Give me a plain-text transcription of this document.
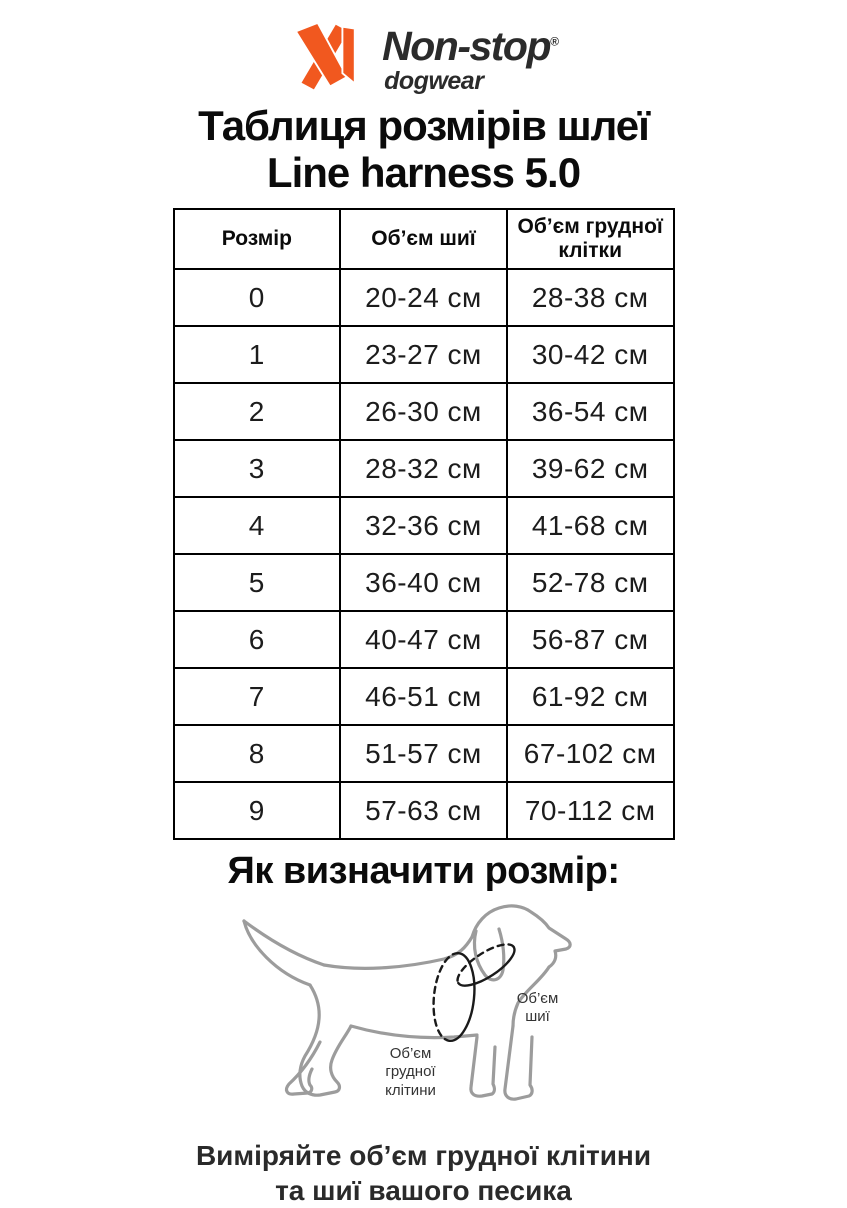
Non-stop®
dogwear
Таблиця розмірів шлеї
Line harness 5.0
Розмір	Об’єм шиї	Об’єм грудної клітки
0	20-24 см	28-38 см
1	23-27 см	30-42 см
2	26-30 см	36-54 см
3	28-32 см	39-62 см
4	32-36 см	41-68 см
5	36-40 см	52-78 см
6	40-47 см	56-87 см
7	46-51 см	61-92 см
8	51-57 см	67-102 см
9	57-63 см	70-112 см
Як визначити розмір:
Об’єм
шиї
Об’єм
грудної
клітини
Виміряйте об’єм грудної клітини
та шиї вашого песика
